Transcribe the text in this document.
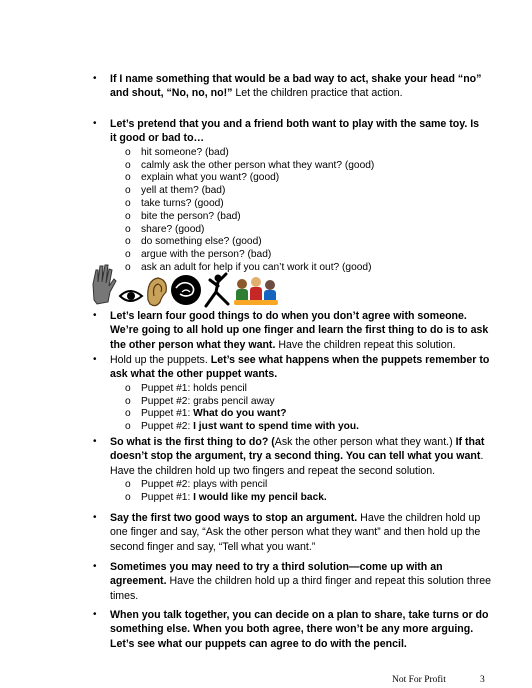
• If I name something that would be a bad way to act, shake your head “no”
and shout, “No, no, no!” Let the children practice that action.
• Let’s pretend that you and a friend both want to play with the same toy. Is
it good or bad to…
o	hit someone? (bad)
o	calmly ask the other person what they want? (good)
o	explain what you want? (good)
o	yell at them? (bad)
o	take turns? (good)
o	bite the person? (bad)
o	share? (good)
o	do something else? (good)
o	argue with the person? (bad)
o	ask an adult for help if you can’t work it out? (good)
• Let’s learn four good things to do when you don’t agree with someone.
We’re going to all hold up one finger and learn the first thing to do is to ask
the other person what they want. Have the children repeat this solution.
• Hold up the puppets. Let’s see what happens when the puppets remember to
ask what the other puppet wants.
o	Puppet #1: holds pencil
o	Puppet #2: grabs pencil away
o	Puppet #1: What do you want?
o	Puppet #2: I just want to spend time with you.
• So what is the first thing to do? (Ask the other person what they want.) If that
doesn’t stop the argument, try a second thing. You can tell what you want.
Have the children hold up two fingers and repeat the second solution.
o	Puppet #2: plays with pencil
o	Puppet #1: I would like my pencil back.
• Say the first two good ways to stop an argument. Have the children hold up
one finger and say, “Ask the other person what they want” and then hold up the
second finger and say, “Tell what you want.”
• Sometimes you may need to try a third solution—come up with an
agreement. Have the children hold up a third finger and repeat this solution three
times.
• When you talk together, you can decide on a plan to share, take turns or do
something else. When you both agree, there won’t be any more arguing.
Let’s see what our puppets can agree to do with the pencil.
Not For Profit	3
